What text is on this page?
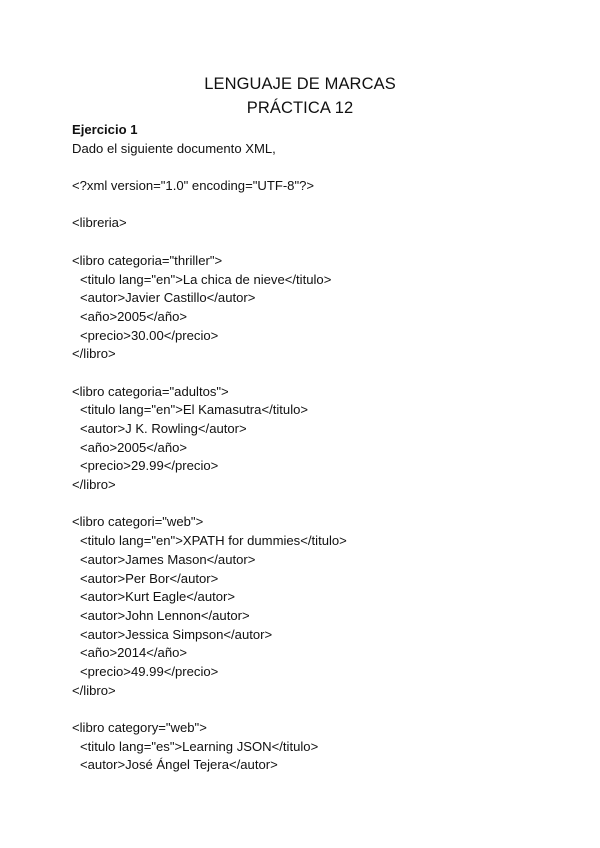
LENGUAJE DE MARCAS
PRÁCTICA 12
Ejercicio 1
Dado el siguiente documento XML,
<?xml version="1.0" encoding="UTF-8"?>
<libreria>
<libro categoria="thriller">
<titulo lang="en">La chica de nieve</titulo>
<autor>Javier Castillo</autor>
<año>2005</año>
<precio>30.00</precio>
</libro>
<libro categoria="adultos">
<titulo lang="en">El Kamasutra</titulo>
<autor>J K. Rowling</autor>
<año>2005</año>
<precio>29.99</precio>
</libro>
<libro categori="web">
<titulo lang="en">XPATH for dummies</titulo>
<autor>James Mason</autor>
<autor>Per Bor</autor>
<autor>Kurt Eagle</autor>
<autor>John Lennon</autor>
<autor>Jessica Simpson</autor>
<año>2014</año>
<precio>49.99</precio>
</libro>
<libro category="web">
<titulo lang="es">Learning JSON</titulo>
<autor>José Ángel Tejera</autor>
